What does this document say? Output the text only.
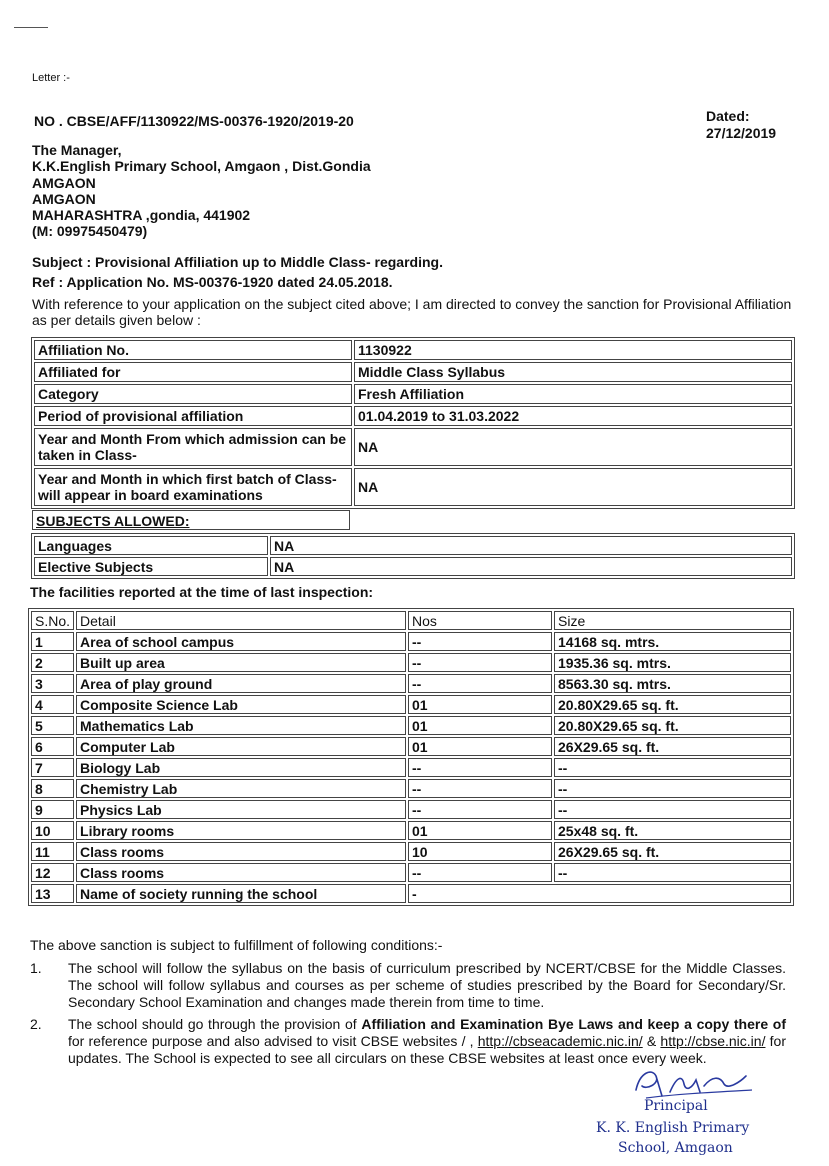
Letter :-
NO . CBSE/AFF/1130922/MS-00376-1920/2019-20	Dated:
27/12/2019
The Manager,
K.K.English Primary School, Amgaon , Dist.Gondia
AMGAON
AMGAON
MAHARASHTRA ,gondia, 441902
(M: 09975450479)
Subject : Provisional Affiliation up to Middle Class- regarding.
Ref : Application No. MS-00376-1920 dated 24.05.2018.
With reference to your application on the subject cited above; I am directed to convey the sanction for Provisional Affiliation as per details given below :
Affiliation No.	1130922
Affiliated for	Middle Class Syllabus
Category	Fresh Affiliation
Period of provisional affiliation	01.04.2019 to 31.03.2022
Year and Month From which admission can be taken in Class-	NA
Year and Month in which first batch of Class- will appear in board examinations	NA
SUBJECTS ALLOWED:
Languages	NA
Elective Subjects	NA
The facilities reported at the time of last inspection:
S.No.	Detail	Nos	Size
1	Area of school campus	--	14168 sq. mtrs.
2	Built up area	--	1935.36 sq. mtrs.
3	Area of play ground	--	8563.30 sq. mtrs.
4	Composite Science Lab	01	20.80X29.65 sq. ft.
5	Mathematics Lab	01	20.80X29.65 sq. ft.
6	Computer Lab	01	26X29.65 sq. ft.
7	Biology Lab	--	--
8	Chemistry Lab	--	--
9	Physics Lab	--	--
10	Library rooms	01	25x48 sq. ft.
11	Class rooms	10	26X29.65 sq. ft.
12	Class rooms	--	--
13	Name of society running the school	-	
The above sanction is subject to fulfillment of following conditions:-
1. The school will follow the syllabus on the basis of curriculum prescribed by NCERT/CBSE for the Middle Classes. The school will follow syllabus and courses as per scheme of studies prescribed by the Board for Secondary/Sr. Secondary School Examination and changes made therein from time to time.
2. The school should go through the provision of Affiliation and Examination Bye Laws and keep a copy there of for reference purpose and also advised to visit CBSE websites / , http://cbseacademic.nic.in/ & http://cbse.nic.in/ for updates. The School is expected to see all circulars on these CBSE websites at least once every week.
Principal
K. K. English Primary
School, Amgaon
